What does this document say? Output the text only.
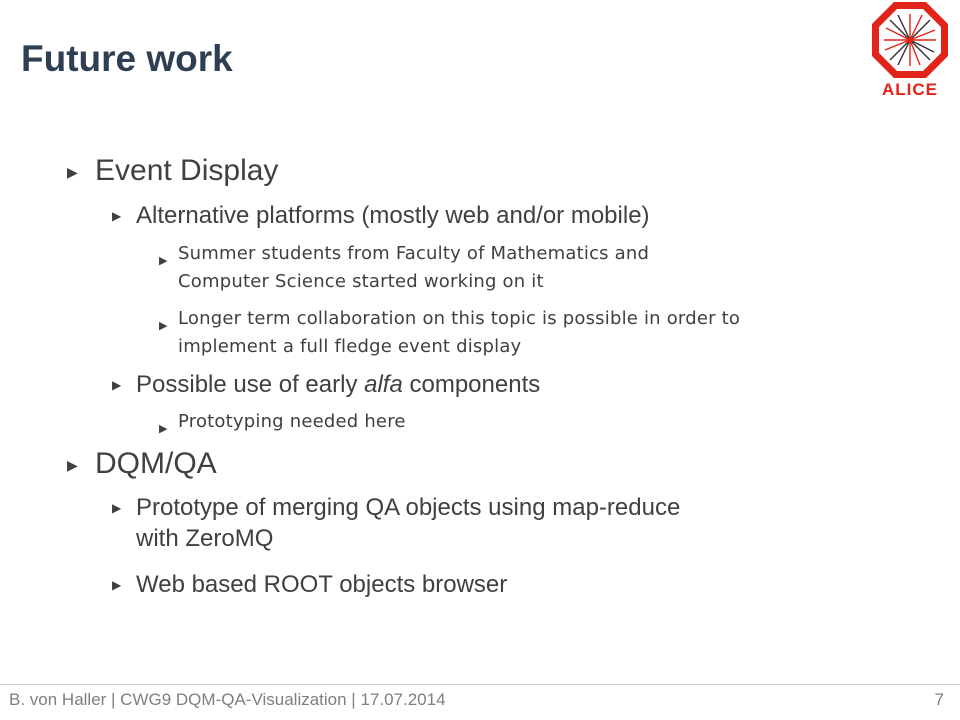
Future work
ALICE
▶ Event Display
▶ Alternative platforms (mostly web and/or mobile)
▶ Summer students from Faculty of Mathematics and
Computer Science started working on it
▶ Longer term collaboration on this topic is possible in order to
implement a full fledge event display
▶ Possible use of early alfa components
▶ Prototyping needed here
▶ DQM/QA
▶ Prototype of merging QA objects using map-reduce
with ZeroMQ
▶ Web based ROOT objects browser
B. von Haller | CWG9 DQM-QA-Visualization | 17.07.2014	7
